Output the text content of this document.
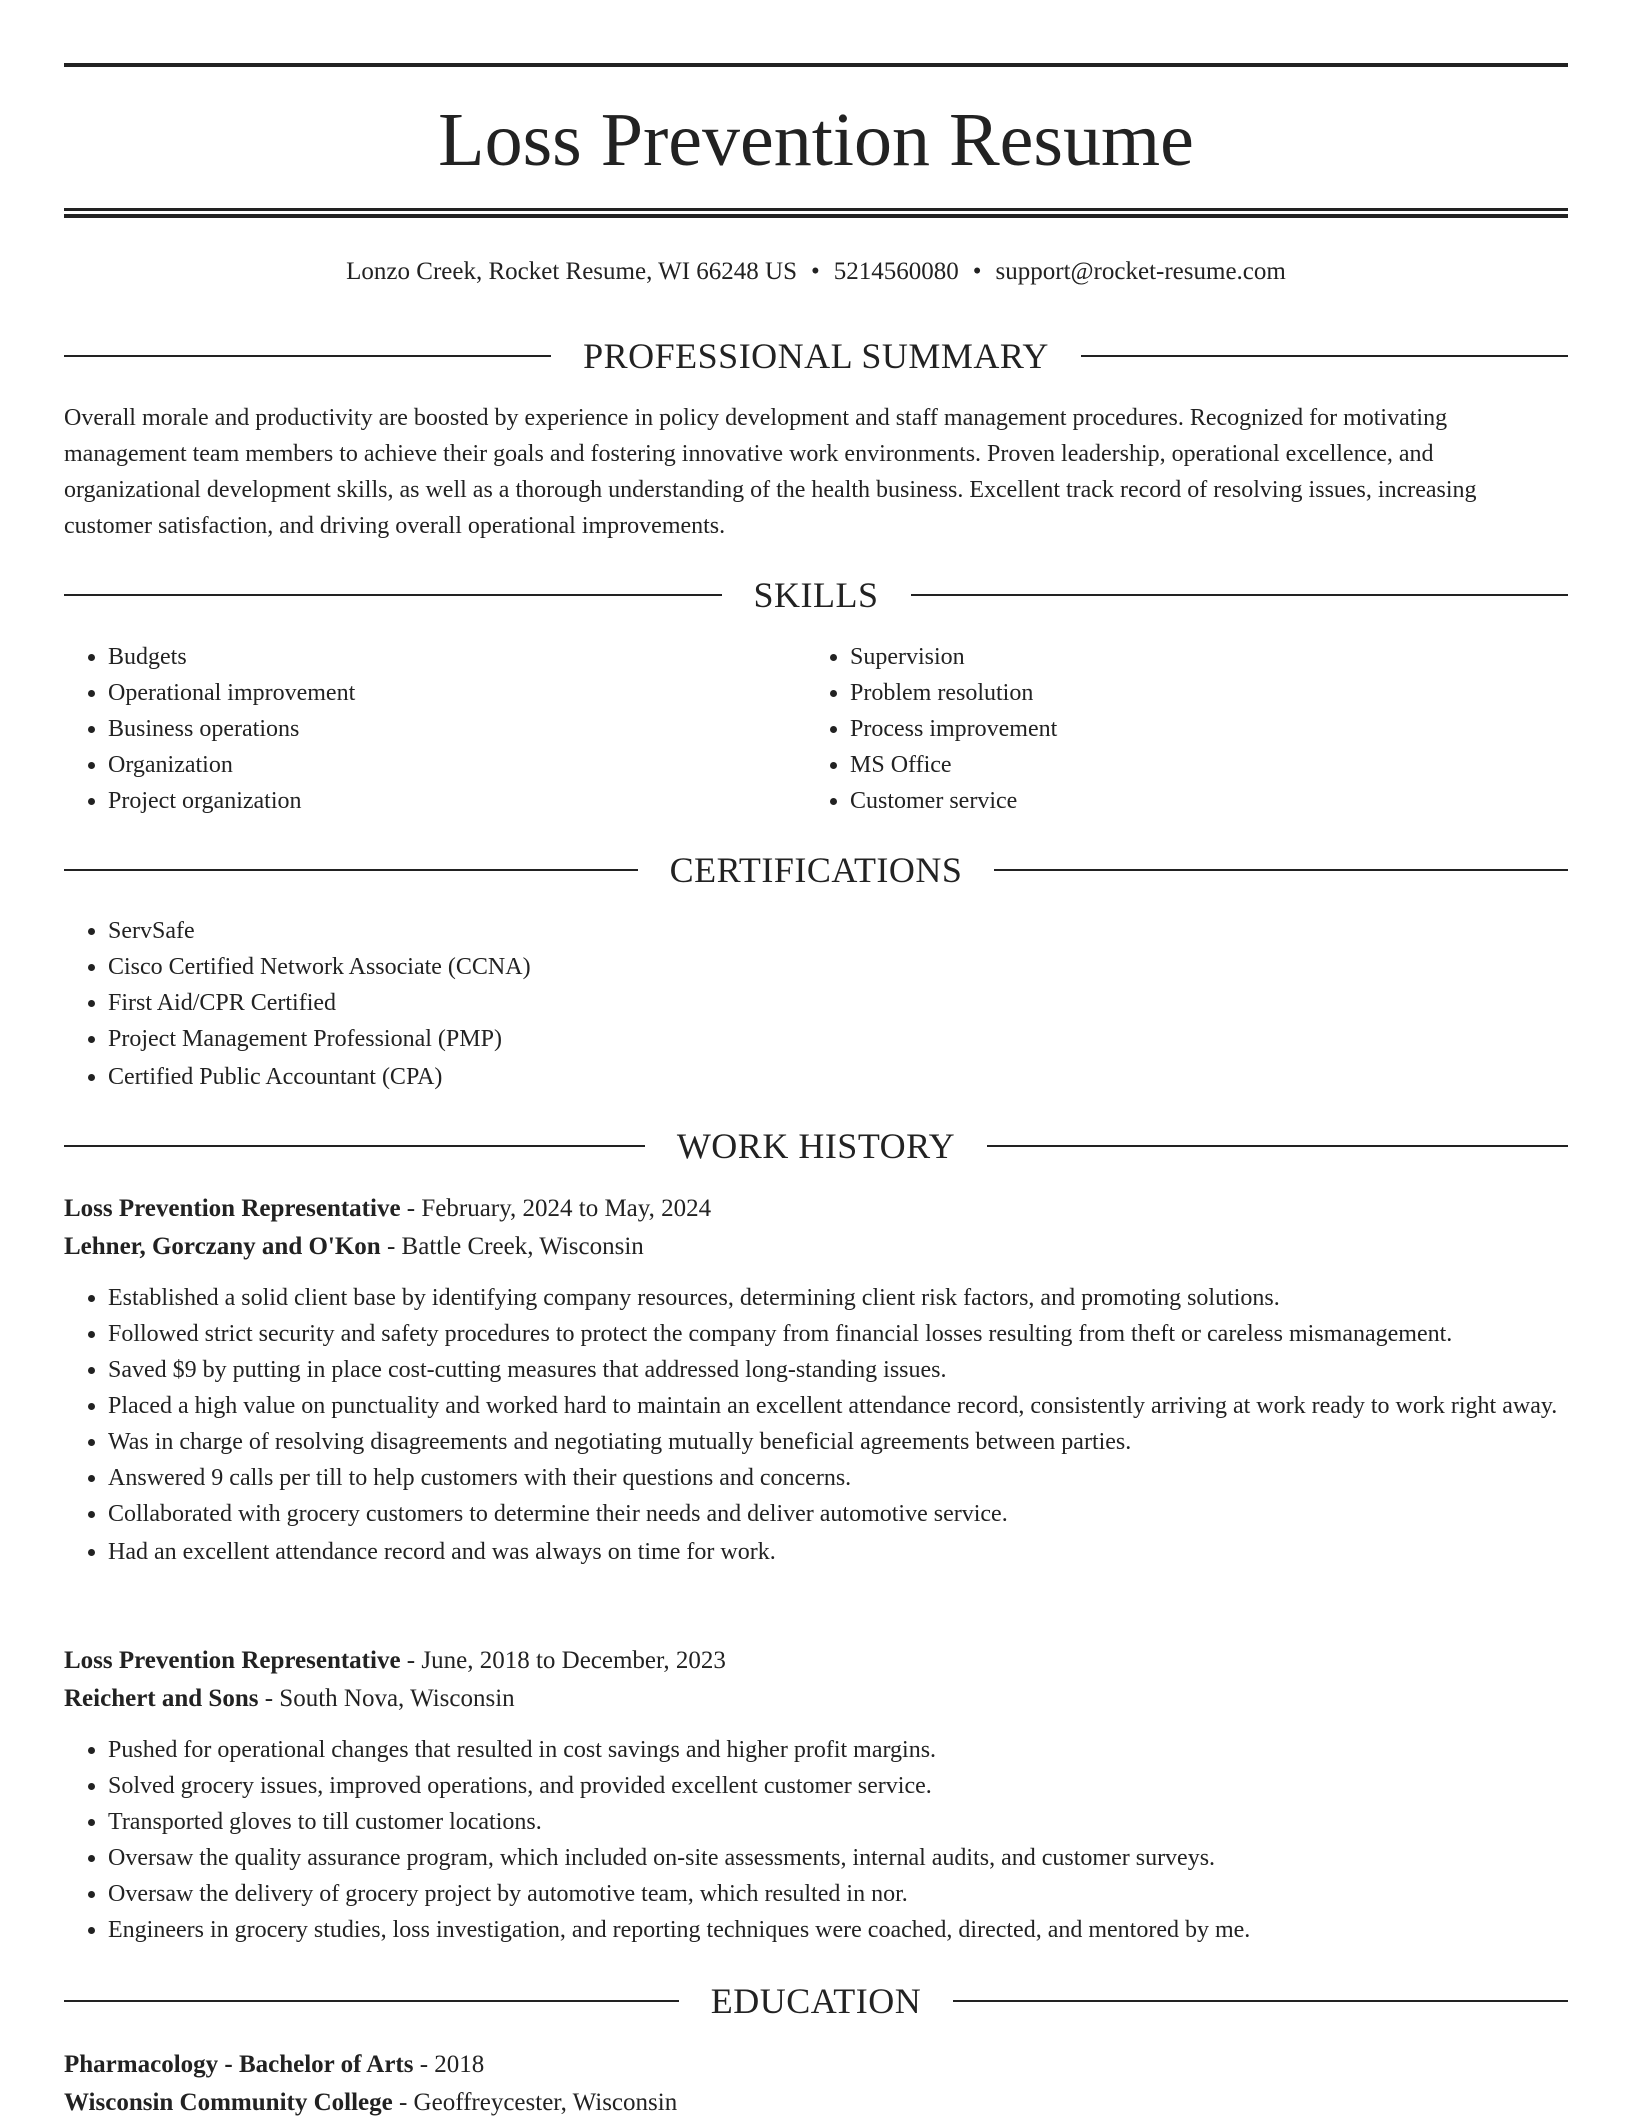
Loss Prevention Resume
Lonzo Creek, Rocket Resume, WI 66248 US • 5214560080 • support@rocket-resume.com
PROFESSIONAL SUMMARY
Overall morale and productivity are boosted by experience in policy development and staff management procedures. Recognized for motivating management team members to achieve their goals and fostering innovative work environments. Proven leadership, operational excellence, and organizational development skills, as well as a thorough understanding of the health business. Excellent track record of resolving issues, increasing customer satisfaction, and driving overall operational improvements.
SKILLS
• Budgets
• Operational improvement
• Business operations
• Organization
• Project organization
• Supervision
• Problem resolution
• Process improvement
• MS Office
• Customer service
CERTIFICATIONS
• ServSafe
• Cisco Certified Network Associate (CCNA)
• First Aid/CPR Certified
• Project Management Professional (PMP)
• Certified Public Accountant (CPA)
WORK HISTORY
Loss Prevention Representative - February, 2024 to May, 2024
Lehner, Gorczany and O'Kon - Battle Creek, Wisconsin
• Established a solid client base by identifying company resources, determining client risk factors, and promoting solutions.
• Followed strict security and safety procedures to protect the company from financial losses resulting from theft or careless mismanagement.
• Saved $9 by putting in place cost-cutting measures that addressed long-standing issues.
• Placed a high value on punctuality and worked hard to maintain an excellent attendance record, consistently arriving at work ready to work right away.
• Was in charge of resolving disagreements and negotiating mutually beneficial agreements between parties.
• Answered 9 calls per till to help customers with their questions and concerns.
• Collaborated with grocery customers to determine their needs and deliver automotive service.
• Had an excellent attendance record and was always on time for work.
Loss Prevention Representative - June, 2018 to December, 2023
Reichert and Sons - South Nova, Wisconsin
• Pushed for operational changes that resulted in cost savings and higher profit margins.
• Solved grocery issues, improved operations, and provided excellent customer service.
• Transported gloves to till customer locations.
• Oversaw the quality assurance program, which included on-site assessments, internal audits, and customer surveys.
• Oversaw the delivery of grocery project by automotive team, which resulted in nor.
• Engineers in grocery studies, loss investigation, and reporting techniques were coached, directed, and mentored by me.
EDUCATION
Pharmacology - Bachelor of Arts - 2018
Wisconsin Community College - Geoffreycester, Wisconsin
